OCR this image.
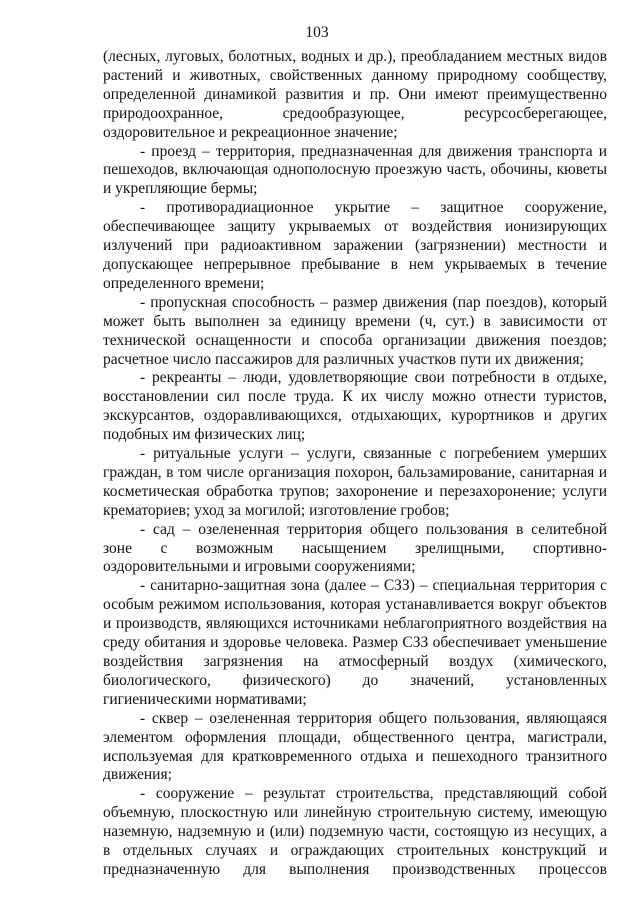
103

(лесных, луговых, болотных, водных и др.), преобладанием местных видов растений и животных, свойственных данному природному сообществу, определенной динамикой развития и пр. Они имеют преимущественно природоохранное, средообразующее, ресурсосберегающее, оздоровительное и рекреационное значение;

- проезд – территория, предназначенная для движения транспорта и пешеходов, включающая однополосную проезжую часть, обочины, кюветы и укрепляющие бермы;

- противорадиационное укрытие – защитное сооружение, обеспечивающее защиту укрываемых от воздействия ионизирующих излучений при радиоактивном заражении (загрязнении) местности и допускающее непрерывное пребывание в нем укрываемых в течение определенного времени;

- пропускная способность – размер движения (пар поездов), который может быть выполнен за единицу времени (ч, сут.) в зависимости от технической оснащенности и способа организации движения поездов; расчетное число пассажиров для различных участков пути их движения;

- рекреанты – люди, удовлетворяющие свои потребности в отдыхе, восстановлении сил после труда. К их числу можно отнести туристов, экскурсантов, оздоравливающихся, отдыхающих, курортников и других подобных им физических лиц;

- ритуальные услуги – услуги, связанные с погребением умерших граждан, в том числе организация похорон, бальзамирование, санитарная и косметическая обработка трупов; захоронение и перезахоронение; услуги крематориев; уход за могилой; изготовление гробов;

- сад – озелененная территория общего пользования в селитебной зоне с возможным насыщением зрелищными, спортивно-оздоровительными и игровыми сооружениями;

- санитарно-защитная зона (далее – СЗЗ) – специальная территория с особым режимом использования, которая устанавливается вокруг объектов и производств, являющихся источниками неблагоприятного воздействия на среду обитания и здоровье человека. Размер СЗЗ обеспечивает уменьшение воздействия загрязнения на атмосферный воздух (химического, биологического, физического) до значений, установленных гигиеническими нормативами;

- сквер – озелененная территория общего пользования, являющаяся элементом оформления площади, общественного центра, магистрали, используемая для кратковременного отдыха и пешеходного транзитного движения;

- сооружение – результат строительства, представляющий собой объемную, плоскостную или линейную строительную систему, имеющую наземную, надземную и (или) подземную части, состоящую из несущих, а в отдельных случаях и ограждающих строительных конструкций и предназначенную для выполнения производственных процессов
